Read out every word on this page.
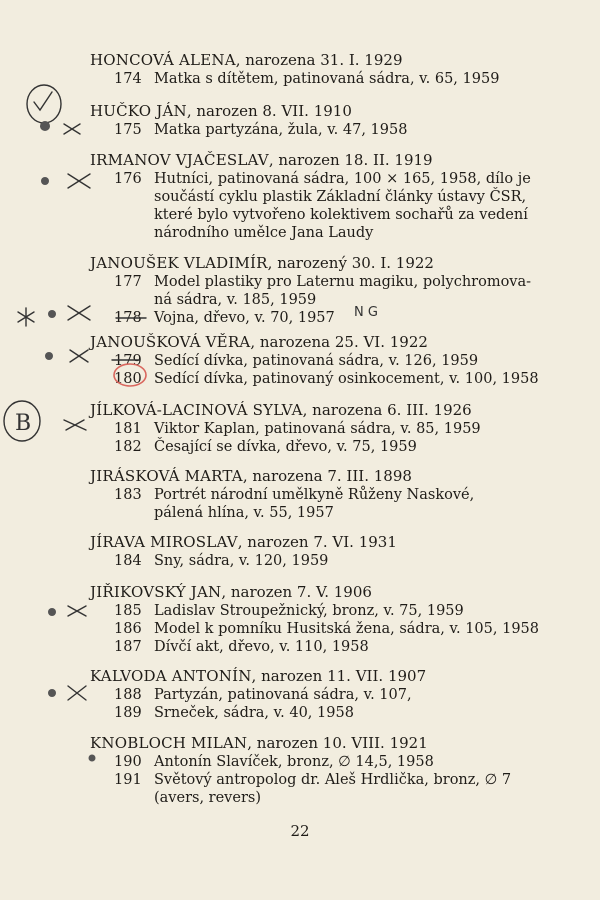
HONCOVÁ ALENA, narozena 31. I. 1929
174 Matka s dítětem, patinovaná sádra, v. 65, 1959
HUČKO JÁN, narozen 8. VII. 1910
175 Matka partyzána, žula, v. 47, 1958
IRMANOV VJAČESLAV, narozen 18. II. 1919
176 Hutníci, patinovaná sádra, 100 × 165, 1958, dílo je
součástí cyklu plastik Základní články ústavy ČSR,
které bylo vytvořeno kolektivem sochařů za vedení
národního umělce Jana Laudy
JANOUŠEK VLADIMÍR, narozený 30. I. 1922
177 Model plastiky pro Laternu magiku, polychromova-
ná sádra, v. 185, 1959
178 Vojna, dřevo, v. 70, 1957
JANOUŠKOVÁ VĚRA, narozena 25. VI. 1922
179 Sedící dívka, patinovaná sádra, v. 126, 1959
180 Sedící dívka, patinovaný osinkocement, v. 100, 1958
JÍLKOVÁ-LACINOVÁ SYLVA, narozena 6. III. 1926
181 Viktor Kaplan, patinovaná sádra, v. 85, 1959
182 Česající se dívka, dřevo, v. 75, 1959
JIRÁSKOVÁ MARTA, narozena 7. III. 1898
183 Portrét národní umělkyně Růženy Naskové,
pálená hlína, v. 55, 1957
JÍRAVA MIROSLAV, narozen 7. VI. 1931
184 Sny, sádra, v. 120, 1959
JIŘIKOVSKÝ JAN, narozen 7. V. 1906
185 Ladislav Stroupežnický, bronz, v. 75, 1959
186 Model k pomníku Husitská žena, sádra, v. 105, 1958
187 Dívčí akt, dřevo, v. 110, 1958
KALVODA ANTONÍN, narozen 11. VII. 1907
188 Partyzán, patinovaná sádra, v. 107,
189 Srneček, sádra, v. 40, 1958
KNOBLOCH MILAN, narozen 10. VIII. 1921
190 Antonín Slavíček, bronz, ∅ 14,5, 1958
191 Světový antropolog dr. Aleš Hrdlička, bronz, ∅ 7
(avers, revers)
22
N G
B
